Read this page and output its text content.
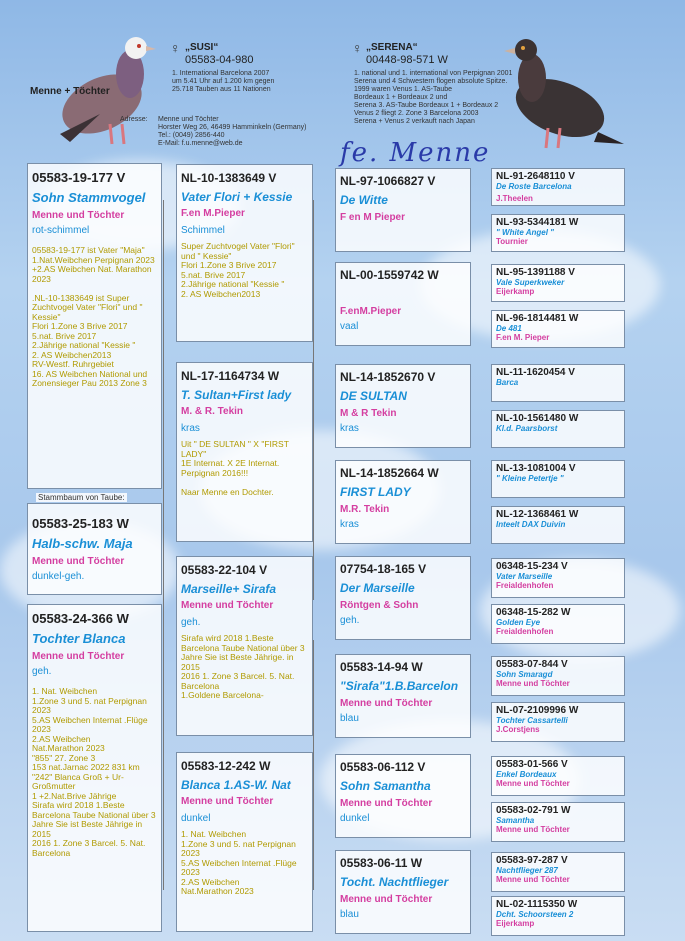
Menne + Töchter
♀ „SUSI“
05583-04-980
1. International Barcelona 2007
um 5.41 Uhr auf 1.200 km gegen
25.718 Tauben aus 11 Nationen
♀ „SERENA“
00448-98-571 W
1. national und 1. international von Perpignan 2001
Serena und 4 Schwestern flogen absolute Spitze.
1999 waren Venus 1. AS-Taube
Bordeaux 1 + Bordeaux 2 und
Serena 3. AS-Taube Bordeaux 1 + Bordeaux 2
Venus 2 fliegt 2. Zone 3 Barcelona 2003
Serena + Venus 2 verkauft nach Japan
Adresse: Menne und Töchter
Horster Weg 26, 46499 Hamminkeln (Germany)
Tel.: (0049) 2856-440
E-Mail: f.u.menne@web.de	fe. Menne
Stammbaum von Taube:
05583-19-177 V
Sohn Stammvogel
Menne und Töchter
rot-schimmel
05583-19-177 ist Vater "Maja"
1.Nat.Weibchen Perpignan 2023
+2.AS Weibchen Nat. Marathon 2023

.NL-10-1383649 ist Super Zuchtvogel Vater "Flori" und " Kessie"
Flori 1.Zone 3 Brive 2017
5.nat. Brive 2017
2.Jährige national "Kessie "
2. AS Weibchen2013
RV-Westf. Ruhrgebiet
16. AS Weibchen National und Zonensieger Pau 2013 Zone 3
05583-25-183 W
Halb-schw. Maja
Menne und Töchter
dunkel-geh.
05583-24-366 W
Tochter Blanca
Menne und Töchter
geh.
1. Nat. Weibchen
1.Zone 3 und 5. nat Perpignan 2023
5.AS Weibchen Internat .Flüge 2023
2.AS Weibchen
Nat.Marathon 2023
"855" 27. Zone 3
153 nat.Jarnac 2022 831 km
"242" Blanca Groß + Ur-Großmutter
1 +2.Nat.Brive Jährige
Sirafa wird 2018 1.Beste Barcelona Taube National über 3 Jahre Sie ist Beste Jährige in 2015
2016 1. Zone 3 Barcel. 5. Nat. Barcelona
NL-10-1383649 V
Vater Flori + Kessie
F.en M.Pieper
Schimmel
Super Zuchtvogel Vater "Flori" und " Kessie"
Flori 1.Zone 3 Brive 2017
5.nat. Brive 2017
2.Jährige national "Kessie "
2. AS Weibchen2013
NL-17-1164734 W
T. Sultan+First lady
M. & R. Tekin
kras
Uit " DE SULTAN " X "FIRST LADY"
1E Internat. X 2E Internat. Perpignan 2016!!!

Naar Menne en Dochter.
05583-22-104 V
Marseille+ Sirafa
Menne und Töchter
geh.
Sirafa wird 2018 1.Beste Barcelona Taube National über 3 Jahre Sie ist Beste Jährige. in 2015
2016 1. Zone 3 Barcel. 5. Nat. Barcelona
1.Goldene Barcelona-
05583-12-242 W
Blanca 1.AS-W. Nat
Menne und Töchter
dunkel
1. Nat. Weibchen
1.Zone 3 und 5. nat Perpignan 2023
5.AS Weibchen Internat .Flüge 2023
2.AS Weibchen
Nat.Marathon 2023
NL-97-1066827 V
De Witte
F en M Pieper
NL-00-1559742 W
F.enM.Pieper
vaal
NL-14-1852670 V
DE SULTAN
M & R Tekin
kras
NL-14-1852664 W
FIRST LADY
M.R. Tekin
kras
07754-18-165 V
Der Marseille
Röntgen & Sohn
geh.
05583-14-94 W
"Sirafa"1.B.Barcelon
Menne und Töchter
blau
05583-06-112 V
Sohn Samantha
Menne und Töchter
dunkel
05583-06-11 W
Tocht. Nachtflieger
Menne und Töchter
blau
NL-91-2648110 V
De Roste Barcelona
J.Theelen
NL-93-5344181 W
" White Angel "
Tournier
NL-95-1391188 V
Vale Superkweker
Eijerkamp
NL-96-1814481 W
De 481
F.en M. Pieper
NL-11-1620454 V
Barca
NL-10-1561480 W
Kl.d. Paarsborst
NL-13-1081004 V
" Kleine Petertje "
NL-12-1368461 W
Inteelt DAX Duivin
06348-15-234 V
Vater Marseille
Freialdenhofen
06348-15-282 W
Golden Eye
Freialdenhofen
05583-07-844 V
Sohn Smaragd
Menne und Töchter
NL-07-2109996 W
Tochter Cassartelli
J.Corstjens
05583-01-566 V
Enkel Bordeaux
Menne und Töchter
05583-02-791 W
Samantha
Menne und Töchter
05583-97-287 V
Nachtflieger 287
Menne und Töchter
NL-02-1115350 W
Dcht. Schoorsteen 2
Eijerkamp
